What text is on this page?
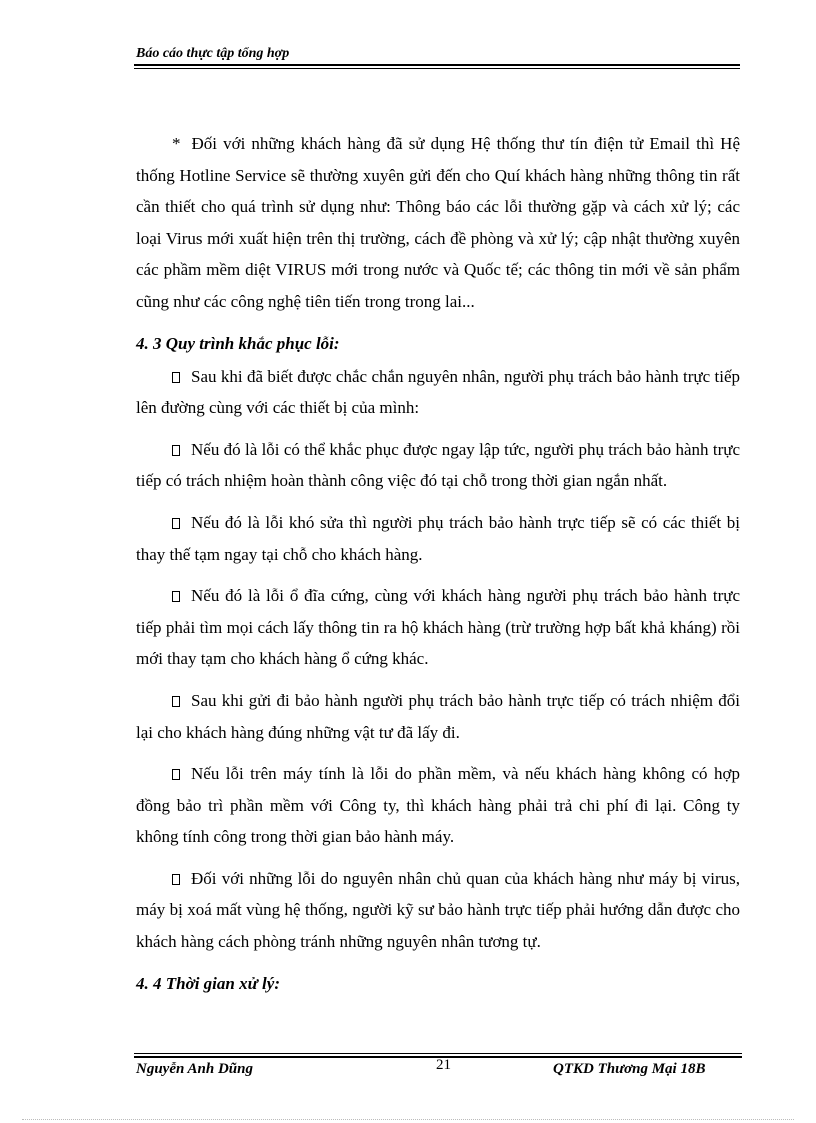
Báo cáo thực tập tổng hợp

* Đối với những khách hàng đã sử dụng Hệ thống thư tín điện tử Email thì Hệ thống Hotline Service sẽ thường xuyên gửi đến cho Quí khách hàng những thông tin rất cần thiết cho quá trình sử dụng như: Thông báo các lỗi thường gặp và cách xử lý; các loại Virus mới xuất hiện trên thị trường, cách đề phòng và xử lý; cập nhật thường xuyên các phầm mềm diệt VIRUS mới trong nước và Quốc tế; các thông tin mới về sản phẩm cũng như các công nghệ tiên tiến trong trong lai...

4. 3 Quy trình khắc phục lỗi:

Sau khi đã biết được chắc chắn nguyên nhân, người phụ trách bảo hành trực tiếp lên đường cùng với các thiết bị của mình:

Nếu đó là lỗi có thể khắc phục được ngay lập tức, người phụ trách bảo hành trực tiếp có trách nhiệm hoàn thành công việc đó tại chỗ trong thời gian ngắn nhất.

Nếu đó là lỗi khó sửa thì người phụ trách bảo hành trực tiếp sẽ có các thiết bị thay thế tạm ngay tại chỗ cho khách hàng.

Nếu đó là lỗi ổ đĩa cứng, cùng với khách hàng người phụ trách bảo hành trực tiếp phải tìm mọi cách lấy thông tin ra hộ khách hàng (trừ trường hợp bất khả kháng) rồi mới thay tạm cho khách hàng ổ cứng khác.

Sau khi gửi đi bảo hành người phụ trách bảo hành trực tiếp có trách nhiệm đổi lại cho khách hàng đúng những vật tư đã lấy đi.

Nếu lỗi trên máy tính là lỗi do phần mềm, và nếu khách hàng không có hợp đồng bảo trì phần mềm với Công ty, thì khách hàng phải trả chi phí đi lại. Công ty không tính công trong thời gian bảo hành máy.

Đối với những lỗi do nguyên nhân chủ quan của khách hàng như máy bị virus, máy bị xoá mất vùng hệ thống, người kỹ sư bảo hành trực tiếp phải hướng dẫn được cho khách hàng cách phòng tránh những nguyên nhân tương tự.

4. 4 Thời gian xử lý:
Nguyễn Anh Dũng	21	QTKD Thương Mại 18B
